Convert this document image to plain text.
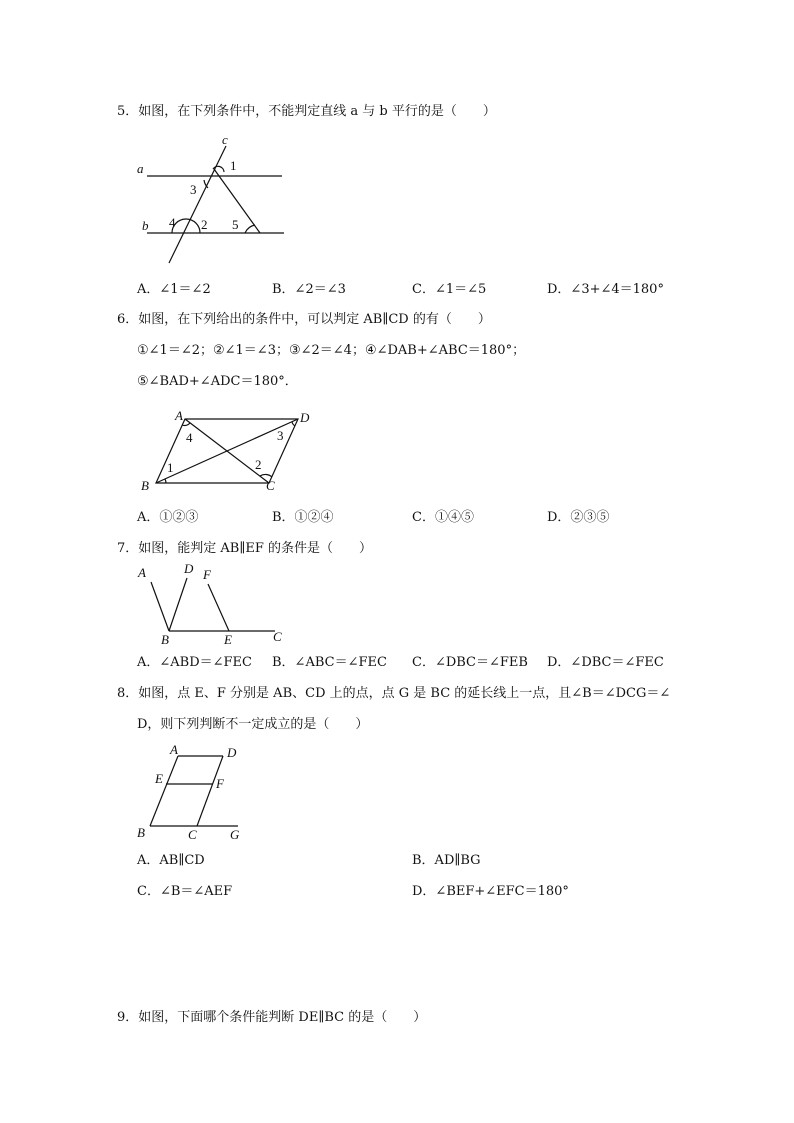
5．如图，在下列条件中，不能判定直线 a 与 b 平行的是（　　）
c
a
b
1
3
4 2 5
A．∠1＝∠2	B．∠2＝∠3	C．∠1＝∠5	D．∠3+∠4＝180°
6．如图，在下列给出的条件中，可以判定 AB∥CD 的有（　　）
①∠1＝∠2；②∠1＝∠3；③∠2＝∠4；④∠DAB+∠ABC＝180°；
⑤∠BAD+∠ADC＝180°．
A	D
B	C
4	3
1	2
A．①②③	B．①②④	C．①④⑤	D．②③⑤
7．如图，能判定 AB∥EF 的条件是（　　）
A	D F
B	E	C
A．∠ABD＝∠FEC B．∠ABC＝∠FEC C．∠DBC＝∠FEB D．∠DBC＝∠FEC
8．如图，点 E、F 分别是 AB、CD 上的点，点 G 是 BC 的延长线上一点，且∠B＝∠DCG＝∠
D，则下列判断不一定成立的是（　　）
A	D
E	F
B	C	G
A．AB∥CD	B．AD∥BG
C．∠B＝∠AEF	D．∠BEF+∠EFC＝180°
9．如图，下面哪个条件能判断 DE∥BC 的是（　　）
